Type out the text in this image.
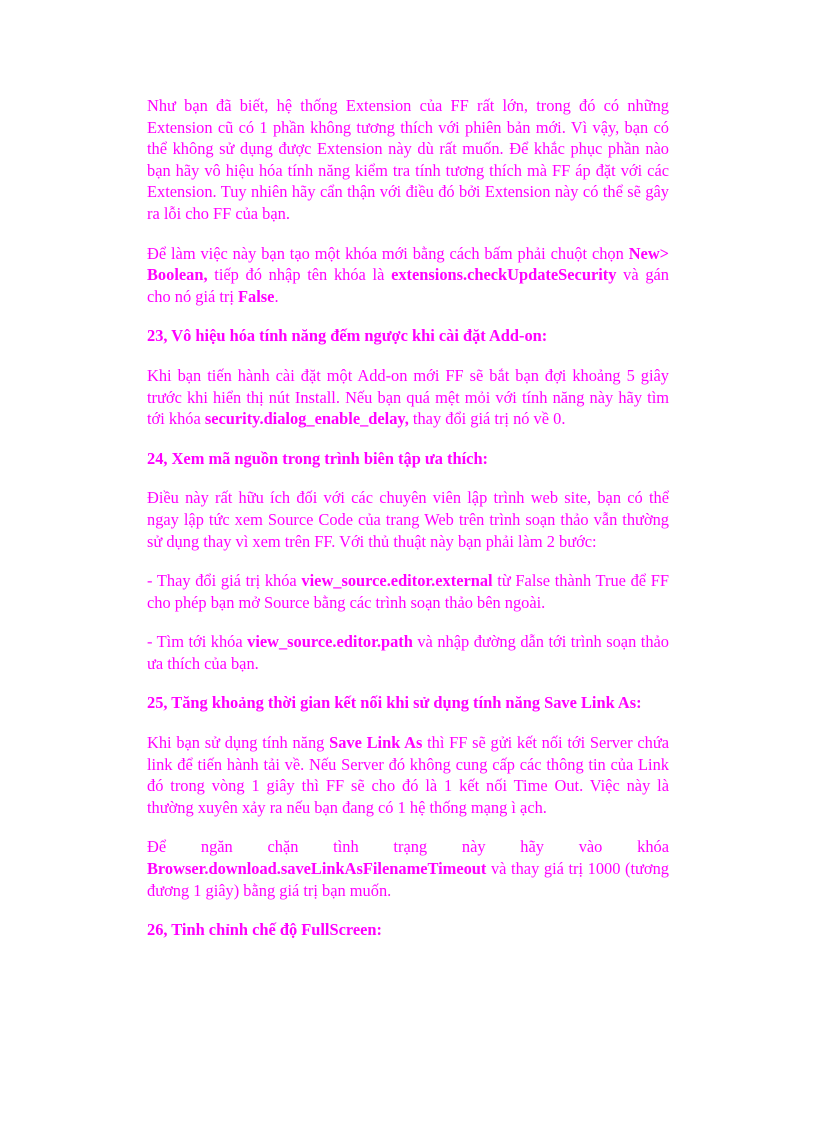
Như bạn đã biết, hệ thống Extension của FF rất lớn, trong đó có những Extension cũ có 1 phần không tương thích với phiên bản mới. Vì vậy, bạn có thể không sử dụng được Extension này dù rất muốn. Để khắc phục phần nào bạn hãy vô hiệu hóa tính năng kiểm tra tính tương thích mà FF áp đặt với các Extension. Tuy nhiên hãy cẩn thận với điều đó bởi Extension này có thể sẽ gây ra lỗi cho FF của bạn.

Để làm việc này bạn tạo một khóa mới bằng cách bấm phải chuột chọn New> Boolean, tiếp đó nhập tên khóa là extensions.checkUpdateSecurity và gán cho nó giá trị False.

23, Vô hiệu hóa tính năng đếm ngược khi cài đặt Add-on:

Khi bạn tiến hành cài đặt một Add-on mới FF sẽ bắt bạn đợi khoảng 5 giây trước khi hiển thị nút Install. Nếu bạn quá mệt mỏi với tính năng này hãy tìm tới khóa security.dialog_enable_delay, thay đổi giá trị nó về 0.

24, Xem mã nguồn trong trình biên tập ưa thích:

Điều này rất hữu ích đối với các chuyên viên lập trình web site, bạn có thể ngay lập tức xem Source Code của trang Web trên trình soạn thảo vẫn thường sử dụng thay vì xem trên FF. Với thủ thuật này bạn phải làm 2 bước:

- Thay đổi giá trị khóa view_source.editor.external từ False thành True để FF cho phép bạn mở Source bằng các trình soạn thảo bên ngoài.

- Tìm tới khóa view_source.editor.path và nhập đường dẫn tới trình soạn thảo ưa thích của bạn.

25, Tăng khoảng thời gian kết nối khi sử dụng tính năng Save Link As:

Khi bạn sử dụng tính năng Save Link As thì FF sẽ gửi kết nối tới Server chứa link để tiến hành tải về. Nếu Server đó không cung cấp các thông tin của Link đó trong vòng 1 giây thì FF sẽ cho đó là 1 kết nối Time Out. Việc này là thường xuyên xảy ra nếu bạn đang có 1 hệ thống mạng ì ạch.

Để ngăn chặn tình trạng này hãy vào khóa Browser.download.saveLinkAsFilenameTimeout và thay giá trị 1000 (tương đương 1 giây) bằng giá trị bạn muốn.

26, Tinh chỉnh chế độ FullScreen:
